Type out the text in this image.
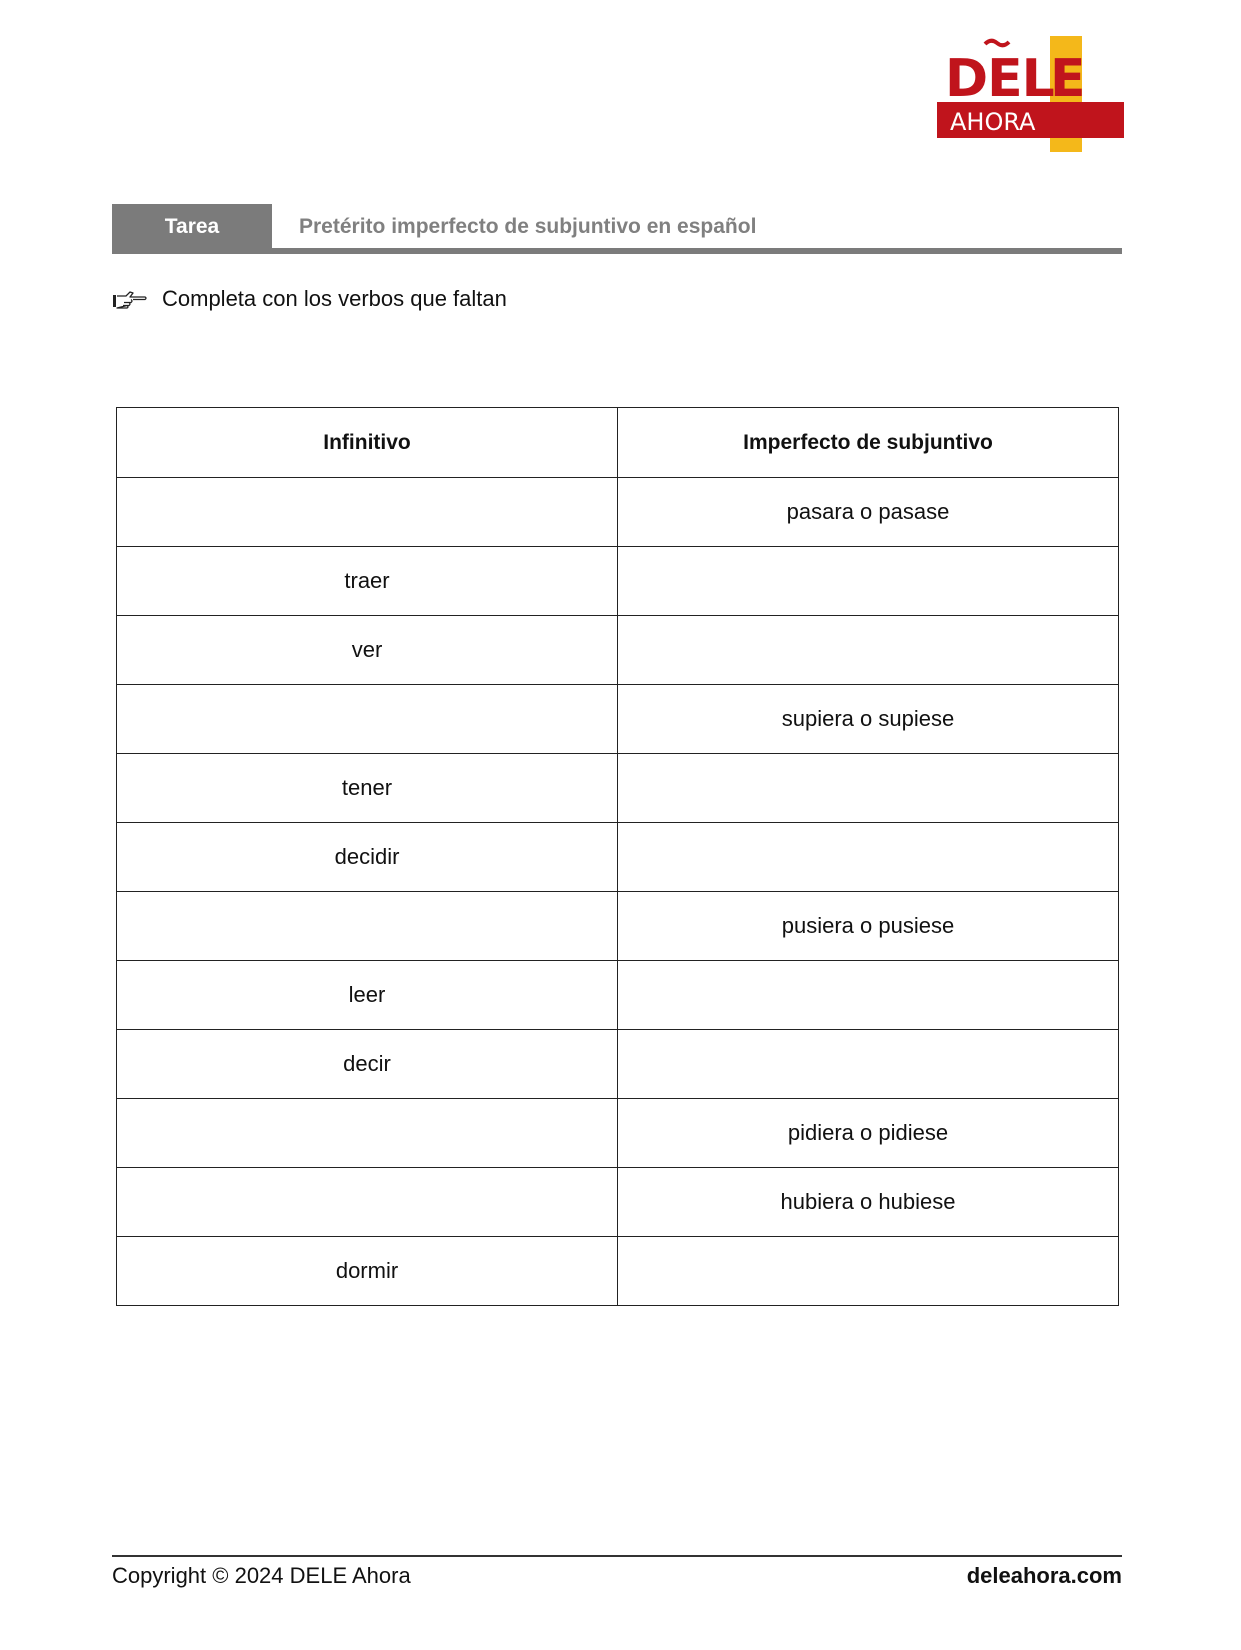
DEL
E
AHORA
Tarea	Pretérito imperfecto de subjuntivo en español
Completa con los verbos que faltan
Infinitivo	Imperfecto de subjuntivo
	pasara o pasase
traer	
ver	
	supiera o supiese
tener	
decidir	
	pusiera o pusiese
leer	
decir	
	pidiera o pidiese
	hubiera o hubiese
dormir	
Copyright © 2024 DELE Ahora	deleahora.com
